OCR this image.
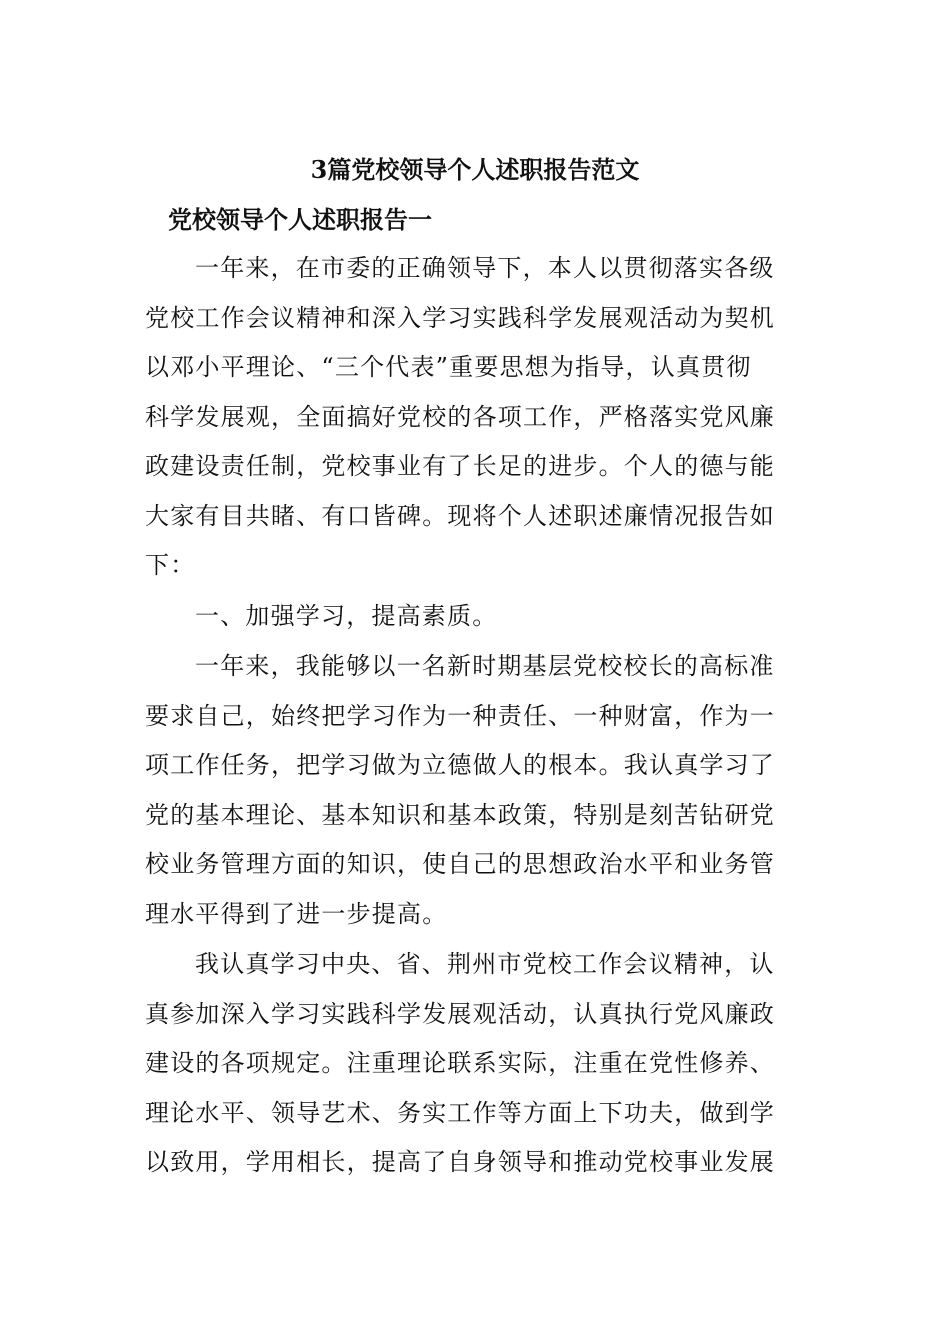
3篇党校领导个人述职报告范文
党校领导个人述职报告一
一年来，在市委的正确领导下，本人以贯彻落实各级
党校工作会议精神和深入学习实践科学发展观活动为契机
以邓小平理论、“三个代表”重要思想为指导，认真贯彻
科学发展观，全面搞好党校的各项工作，严格落实党风廉
政建设责任制，党校事业有了长足的进步。个人的德与能
大家有目共睹、有口皆碑。现将个人述职述廉情况报告如
下：
一、加强学习，提高素质。
一年来，我能够以一名新时期基层党校校长的高标准
要求自己，始终把学习作为一种责任、一种财富，作为一
项工作任务，把学习做为立德做人的根本。我认真学习了
党的基本理论、基本知识和基本政策，特别是刻苦钻研党
校业务管理方面的知识，使自己的思想政治水平和业务管
理水平得到了进一步提高。
我认真学习中央、省、荆州市党校工作会议精神，认
真参加深入学习实践科学发展观活动，认真执行党风廉政
建设的各项规定。注重理论联系实际，注重在党性修养、
理论水平、领导艺术、务实工作等方面上下功夫，做到学
以致用，学用相长，提高了自身领导和推动党校事业发展
